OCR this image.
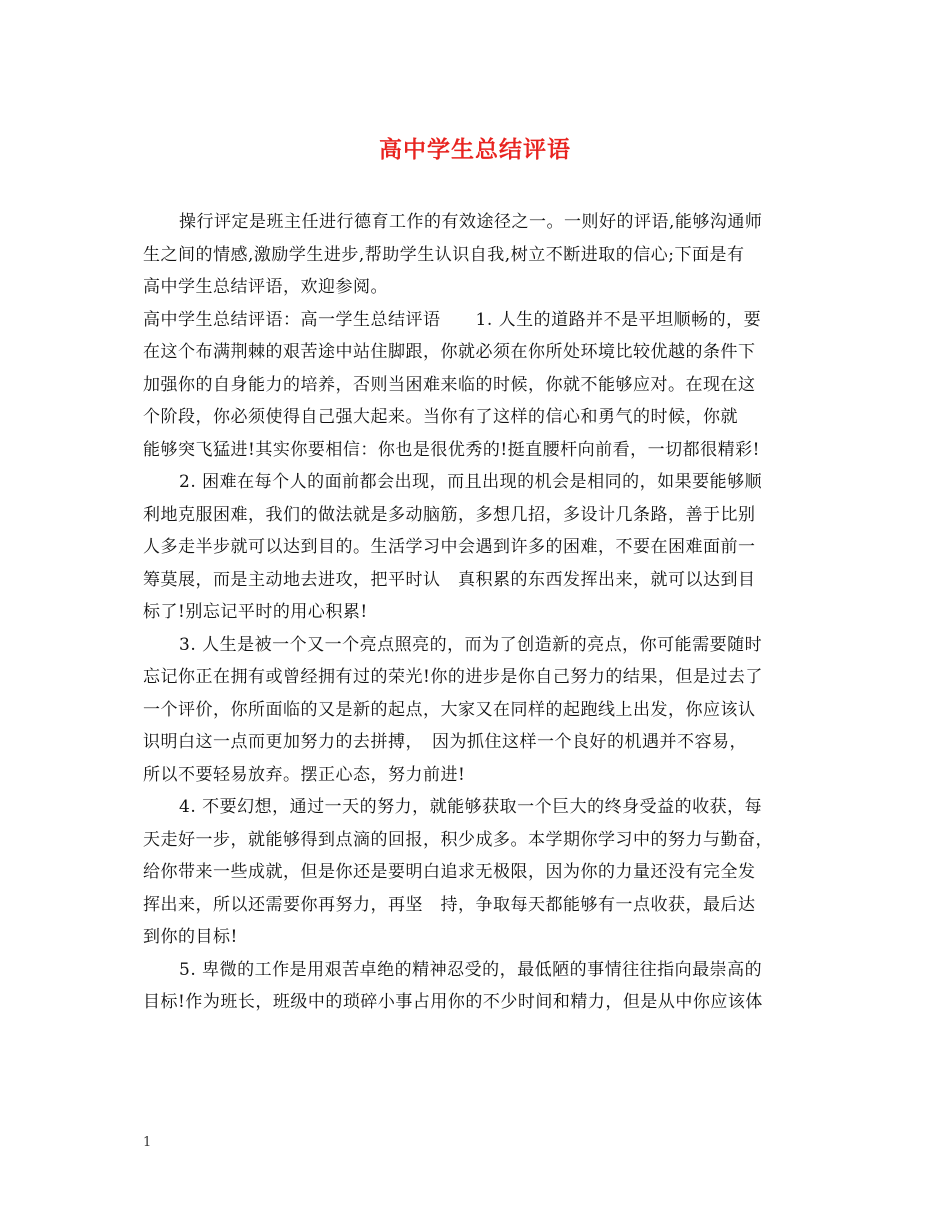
高中学生总结评语
操行评定是班主任进行德育工作的有效途径之一。一则好的评语,能够沟通师
生之间的情感,激励学生进步,帮助学生认识自我,树立不断进取的信心;下面是有
高中学生总结评语，欢迎参阅。
高中学生总结评语：高一学生总结评语　　1. 人生的道路并不是平坦顺畅的，要
在这个布满荆棘的艰苦途中站住脚跟，你就必须在你所处环境比较优越的条件下
加强你的自身能力的培养，否则当困难来临的时候，你就不能够应对。在现在这
个阶段，你必须使得自己强大起来。当你有了这样的信心和勇气的时候，你就
能够突飞猛进!其实你要相信：你也是很优秀的!挺直腰杆向前看，一切都很精彩!
2. 困难在每个人的面前都会出现，而且出现的机会是相同的，如果要能够顺
利地克服困难，我们的做法就是多动脑筋，多想几招，多设计几条路，善于比别
人多走半步就可以达到目的。生活学习中会遇到许多的困难，不要在困难面前一
筹莫展，而是主动地去进攻，把平时认　真积累的东西发挥出来，就可以达到目
标了!别忘记平时的用心积累!
3. 人生是被一个又一个亮点照亮的，而为了创造新的亮点，你可能需要随时
忘记你正在拥有或曾经拥有过的荣光!你的进步是你自己努力的结果，但是过去了
一个评价，你所面临的又是新的起点，大家又在同样的起跑线上出发，你应该认
识明白这一点而更加努力的去拼搏，　因为抓住这样一个良好的机遇并不容易，
所以不要轻易放弃。摆正心态，努力前进!
4. 不要幻想，通过一天的努力，就能够获取一个巨大的终身受益的收获，每
天走好一步，就能够得到点滴的回报，积少成多。本学期你学习中的努力与勤奋，
给你带来一些成就，但是你还是要明白追求无极限，因为你的力量还没有完全发
挥出来，所以还需要你再努力，再坚　持，争取每天都能够有一点收获，最后达
到你的目标!
5. 卑微的工作是用艰苦卓绝的精神忍受的，最低陋的事情往往指向最崇高的
目标!作为班长，班级中的琐碎小事占用你的不少时间和精力，但是从中你应该体
1
